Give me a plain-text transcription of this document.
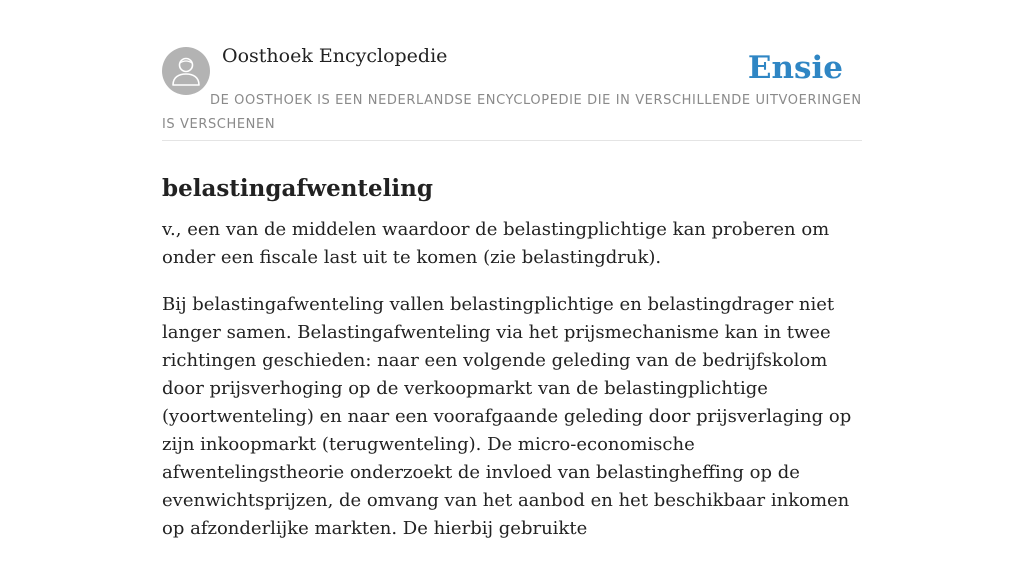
Oosthoek Encyclopedie	Ensie
DE OOSTHOEK IS EEN NEDERLANDSE ENCYCLOPEDIE DIE IN VERSCHILLENDE UITVOERINGEN IS VERSCHENEN
belastingafwenteling

v., een van de middelen waardoor de belastingplichtige kan proberen om onder een fiscale last uit te komen (zie belastingdruk).

Bij belastingafwenteling vallen belastingplichtige en belastingdrager niet langer samen. Belastingafwenteling via het prijsmechanisme kan in twee richtingen geschieden: naar een volgende geleding van de bedrijfskolom door prijsverhoging op de verkoopmarkt van de belastingplichtige (yoortwenteling) en naar een voorafgaande geleding door prijsverlaging op zijn inkoopmarkt (terugwenteling). De micro-economische afwentelingstheorie onderzoekt de invloed van belastingheffing op de evenwichtsprijzen, de omvang van het aanbod en het beschikbaar inkomen op afzonderlijke markten. De hierbij gebruikte
